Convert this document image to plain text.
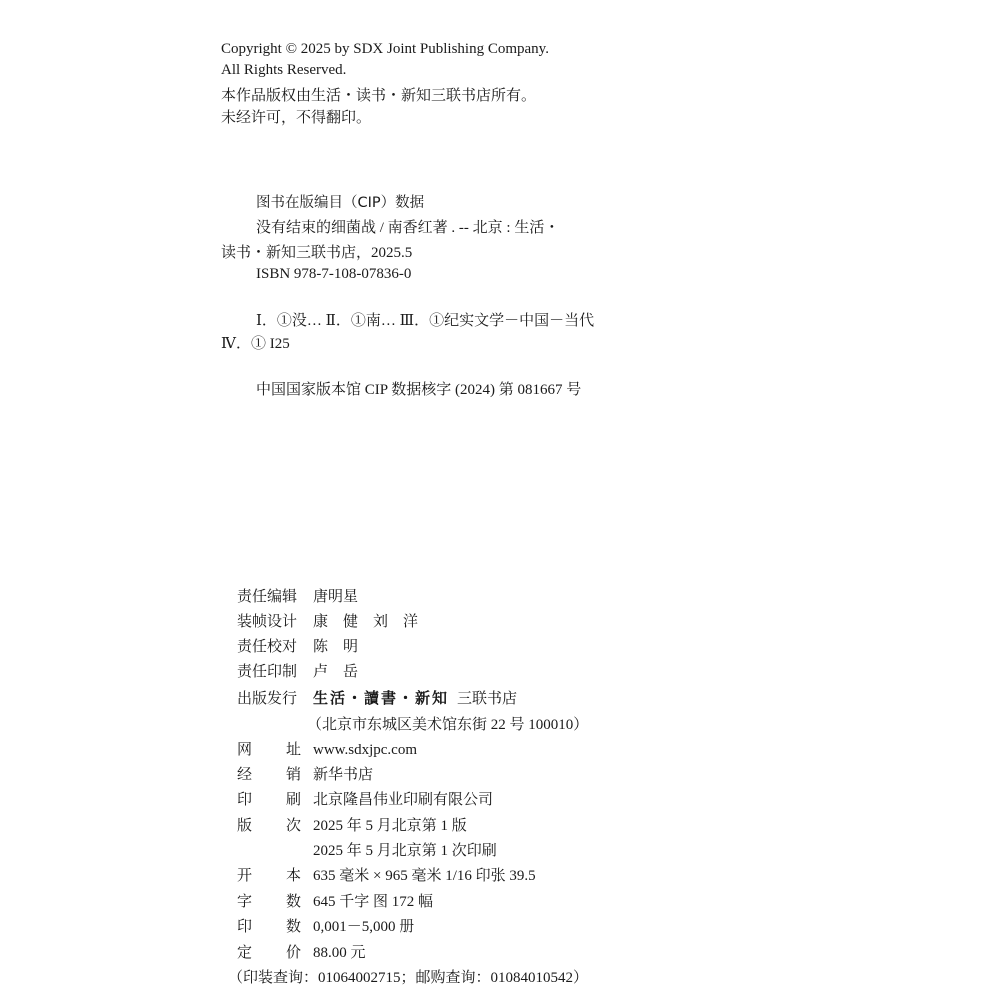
Copyright © 2025 by SDX Joint Publishing Company.
All Rights Reserved.
本作品版权由生活・读书・新知三联书店所有。
未经许可，不得翻印。
图书在版编目（CIP）数据
没有结束的细菌战 / 南香红著 . -- 北京 : 生活・
读书・新知三联书店，2025.5
ISBN 978-7-108-07836-0
Ⅰ．①没… Ⅱ．①南… Ⅲ．①纪实文学－中国－当代
Ⅳ．① I25
中国国家版本馆 CIP 数据核字 (2024) 第 081667 号
责任编辑 唐明星
装帧设计 康　健　刘　洋
责任校对 陈　明
责任印制 卢　岳
出版发行 生活・讀書・新知 三联书店
（北京市东城区美术馆东街 22 号 100010）
网 址 www.sdxjpc.com
经 销 新华书店
印 刷 北京隆昌伟业印刷有限公司
版 次 2025 年 5 月北京第 1 版
2025 年 5 月北京第 1 次印刷
开 本 635 毫米 × 965 毫米 1/16 印张 39.5
字 数 645 千字 图 172 幅
印 数 0,001－5,000 册
定 价 88.00 元
（印装查询：01064002715；邮购查询：01084010542）
